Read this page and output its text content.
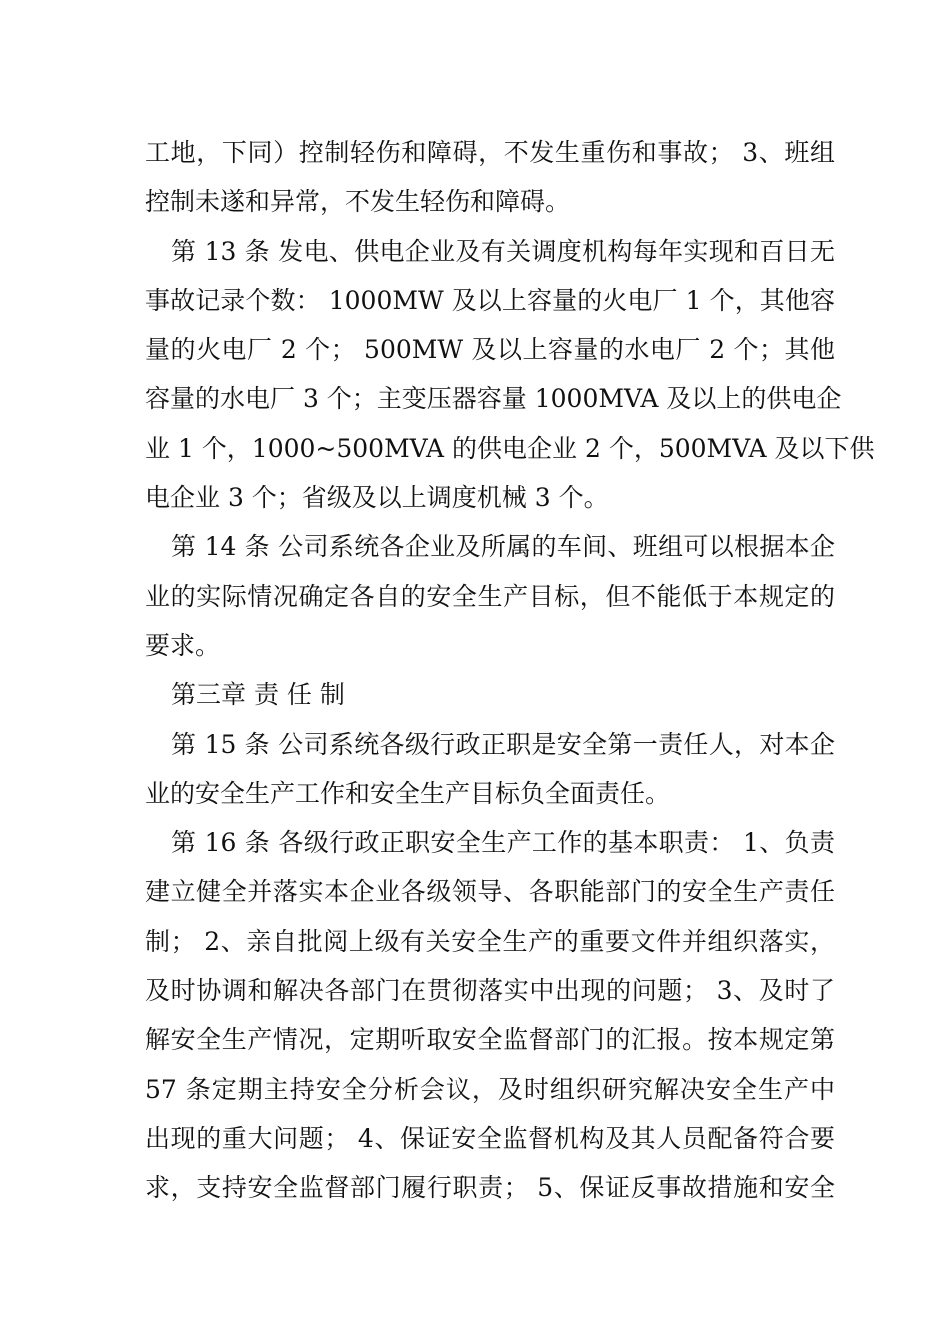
工地，下同）控制轻伤和障碍，不发生重伤和事故； 3、班组
控制未遂和异常，不发生轻伤和障碍。
第 13 条 发电、供电企业及有关调度机构每年实现和百日无
事故记录个数： 1000MW 及以上容量的火电厂 1 个，其他容
量的火电厂 2 个； 500MW 及以上容量的水电厂 2 个；其他
容量的水电厂 3 个；主变压器容量 1000MVA 及以上的供电企
业 1 个，1000~500MVA 的供电企业 2 个，500MVA 及以下供
电企业 3 个；省级及以上调度机械 3 个。
第 14 条 公司系统各企业及所属的车间、班组可以根据本企
业的实际情况确定各自的安全生产目标，但不能低于本规定的
要求。
第三章 责 任 制
第 15 条 公司系统各级行政正职是安全第一责任人，对本企
业的安全生产工作和安全生产目标负全面责任。
第 16 条 各级行政正职安全生产工作的基本职责： 1、负责
建立健全并落实本企业各级领导、各职能部门的安全生产责任
制； 2、亲自批阅上级有关安全生产的重要文件并组织落实，
及时协调和解决各部门在贯彻落实中出现的问题； 3、及时了
解安全生产情况，定期听取安全监督部门的汇报。按本规定第
57 条定期主持安全分析会议，及时组织研究解决安全生产中
出现的重大问题； 4、保证安全监督机构及其人员配备符合要
求，支持安全监督部门履行职责； 5、保证反事故措施和安全
